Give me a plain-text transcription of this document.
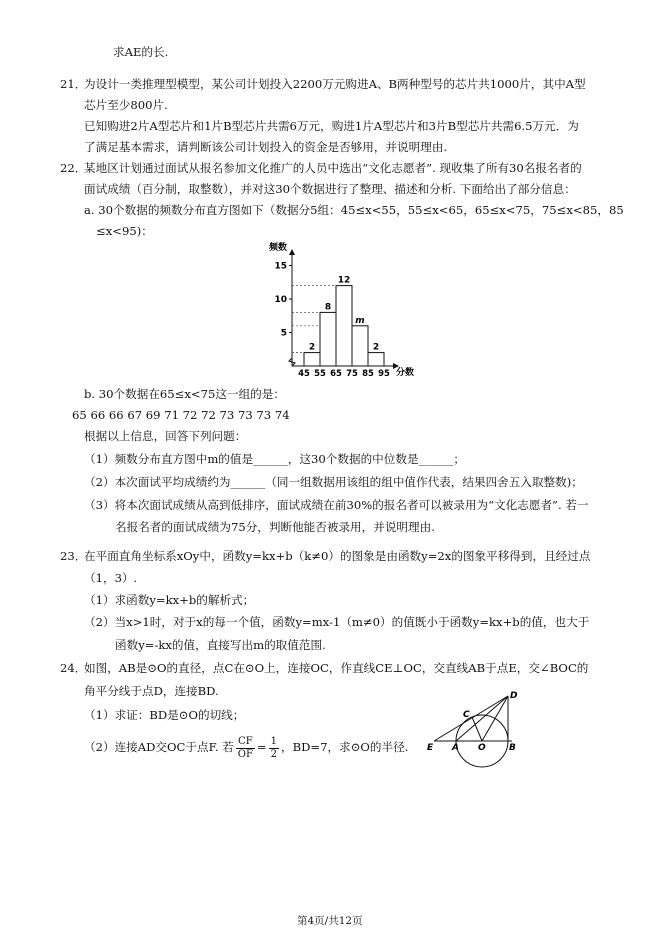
求AE的长.
21．
为设计一类推理型模型，某公司计划投入2200万元购进A、B两种型号的芯片共1000片，其中A型
芯片至少800片.
已知购进2片A型芯片和1片B型芯片共需6万元，购进1片A型芯片和3片B型芯片共需6.5万元．为
了满足基本需求，请判断该公司计划投入的资金是否够用，并说明理由.
22．
某地区计划通过面试从报名参加文化推广的人员中选出“文化志愿者”. 现收集了所有30名报名者的
面试成绩（百分制，取整数），并对这30个数据进行了整理、描述和分析. 下面给出了部分信息：
a. 30个数据的频数分布直方图如下（数据分5组：45≤x<55，55≤x<65，65≤x<75，75≤x<85，85
≤x<95)：
频数
分数
2
8
12
m
2
5
10
15
45 55 65 75 85 95
b. 30个数据在65≤x<75这一组的是：
65 66 66 67 69 71 72 72 73 73 73 74
根据以上信息，回答下列问题：
（1）频数分布直方图中m的值是______，这30个数据的中位数是______；
（2）本次面试平均成绩约为______（同一组数据用该组的组中值作代表，结果四舍五入取整数)；
（3）将本次面试成绩从高到低排序，面试成绩在前30%的报名者可以被录用为“文化志愿者”. 若一
名报名者的面试成绩为75分，判断他能否被录用，并说明理由.
23．
在平面直角坐标系xOy中，函数y=kx+b（k≠0）的图象是由函数y=2x的图象平移得到，且经过点
（1，3）.
（1）求函数y=kx+b的解析式；
（2）当x>1时，对于x的每一个值，函数y=mx-1（m≠0）的值既小于函数y=kx+b的值，也大于
函数y=-kx的值，直接写出m的取值范围.
24．
如图，AB是⊙O的直径，点C在⊙O上，连接OC，作直线CE⊥OC，交直线AB于点E，交∠BOC的
角平分线于点D，连接BD.
（1）求证：BD是⊙O的切线；
（2）连接AD交OC于点F. 若 $\frac{CF}{OF} = \frac{1}{2}$ ，BD=7，求⊙O的半径.
D
C
E A O	B
第4页/共12页
